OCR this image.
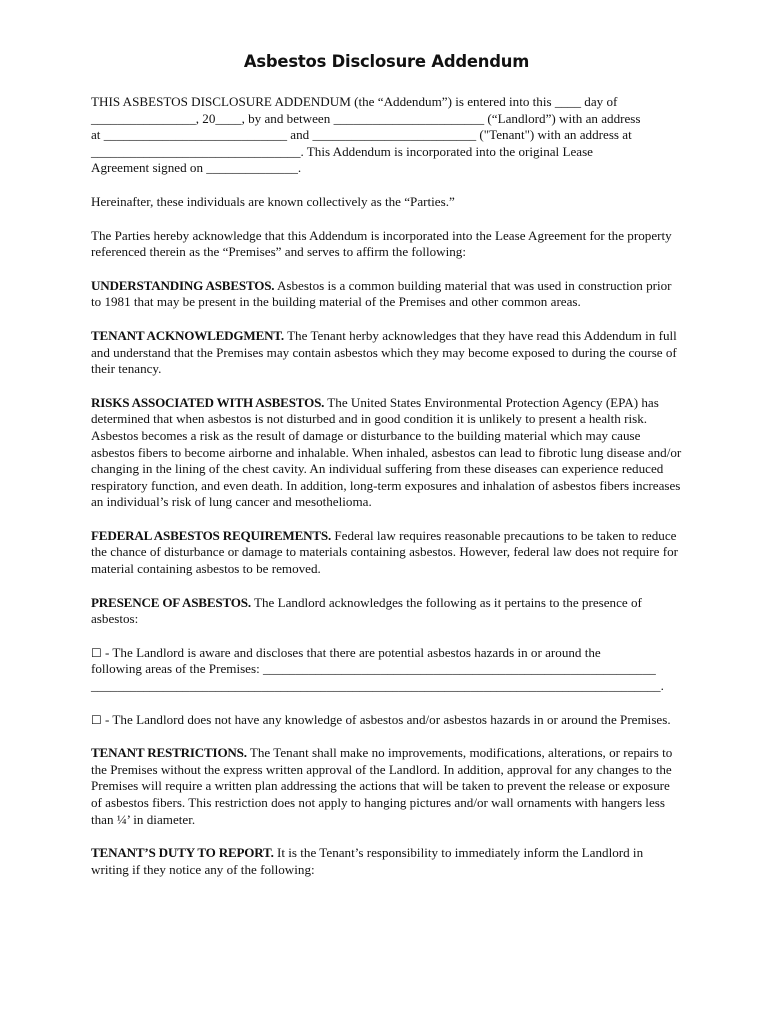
Asbestos Disclosure Addendum

THIS ASBESTOS DISCLOSURE ADDENDUM (the “Addendum”) is entered into this ____ day of
________________, 20____, by and between _______________________ (“Landlord”) with an address
at ____________________________ and _________________________ ("Tenant") with an address at
________________________________. This Addendum is incorporated into the original Lease
Agreement signed on ______________.

Hereinafter, these individuals are known collectively as the “Parties.”

The Parties hereby acknowledge that this Addendum is incorporated into the Lease Agreement for the property referenced therein as the “Premises” and serves to affirm the following:

UNDERSTANDING ASBESTOS. Asbestos is a common building material that was used in construction prior to 1981 that may be present in the building material of the Premises and other common areas.

TENANT ACKNOWLEDGMENT. The Tenant herby acknowledges that they have read this Addendum in full and understand that the Premises may contain asbestos which they may become exposed to during the course of their tenancy.

RISKS ASSOCIATED WITH ASBESTOS. The United States Environmental Protection Agency (EPA) has determined that when asbestos is not disturbed and in good condition it is unlikely to present a health risk. Asbestos becomes a risk as the result of damage or disturbance to the building material which may cause asbestos fibers to become airborne and inhalable. When inhaled, asbestos can lead to fibrotic lung disease and/or changing in the lining of the chest cavity. An individual suffering from these diseases can experience reduced respiratory function, and even death. In addition, long-term exposures and inhalation of asbestos fibers increases an individual’s risk of lung cancer and mesothelioma.

FEDERAL ASBESTOS REQUIREMENTS. Federal law requires reasonable precautions to be taken to reduce the chance of disturbance or damage to materials containing asbestos. However, federal law does not require for material containing asbestos to be removed.

PRESENCE OF ASBESTOS. The Landlord acknowledges the following as it pertains to the presence of asbestos:

☐ - The Landlord is aware and discloses that there are potential asbestos hazards in or around the
following areas of the Premises: ____________________________________________________________
_______________________________________________________________________________________.

☐ - The Landlord does not have any knowledge of asbestos and/or asbestos hazards in or around the Premises.

TENANT RESTRICTIONS. The Tenant shall make no improvements, modifications, alterations, or repairs to the Premises without the express written approval of the Landlord. In addition, approval for any changes to the Premises will require a written plan addressing the actions that will be taken to prevent the release or exposure of asbestos fibers. This restriction does not apply to hanging pictures and/or wall ornaments with hangers less than ¼’ in diameter.

TENANT’S DUTY TO REPORT. It is the Tenant’s responsibility to immediately inform the Landlord in writing if they notice any of the following:
